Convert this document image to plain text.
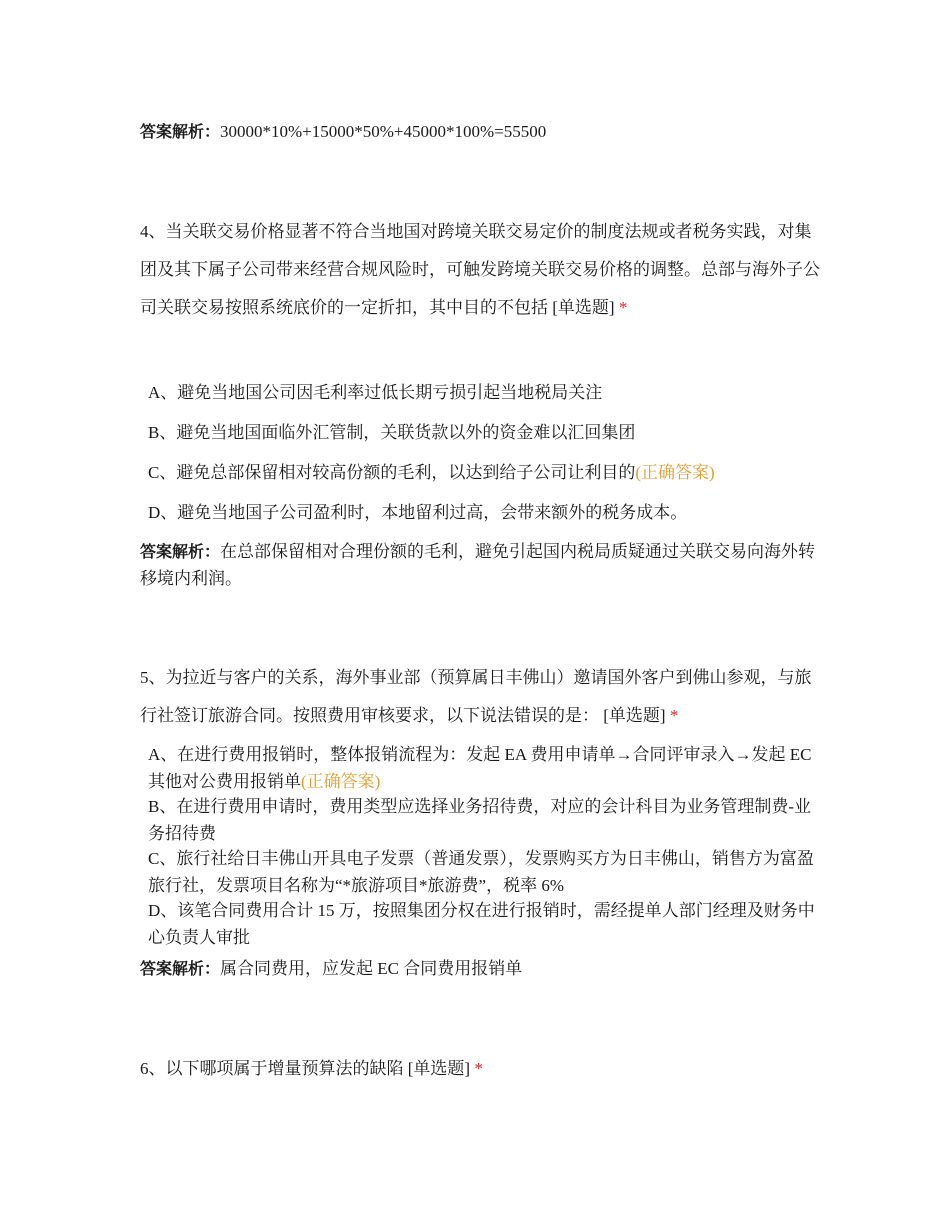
答案解析：30000*10%+15000*50%+45000*100%=55500
4、当关联交易价格显著不符合当地国对跨境关联交易定价的制度法规或者税务实践，对集团及其下属子公司带来经营合规风险时，可触发跨境关联交易价格的调整。总部与海外子公司关联交易按照系统底价的一定折扣，其中目的不包括 [单选题] *
A、避免当地国公司因毛利率过低长期亏损引起当地税局关注
B、避免当地国面临外汇管制，关联货款以外的资金难以汇回集团
C、避免总部保留相对较高份额的毛利，以达到给子公司让利目的(正确答案)
D、避免当地国子公司盈利时，本地留利过高，会带来额外的税务成本。
答案解析：在总部保留相对合理份额的毛利，避免引起国内税局质疑通过关联交易向海外转移境内利润。
5、为拉近与客户的关系，海外事业部（预算属日丰佛山）邀请国外客户到佛山参观，与旅行社签订旅游合同。按照费用审核要求，以下说法错误的是： [单选题] *
A、在进行费用报销时，整体报销流程为：发起 EA 费用申请单→合同评审录入→发起 EC 其他对公费用报销单(正确答案)
B、在进行费用申请时，费用类型应选择业务招待费，对应的会计科目为业务管理制费-业务招待费
C、旅行社给日丰佛山开具电子发票（普通发票），发票购买方为日丰佛山，销售方为富盈旅行社，发票项目名称为“*旅游项目*旅游费”，税率 6%
D、该笔合同费用合计 15 万，按照集团分权在进行报销时，需经提单人部门经理及财务中心负责人审批
答案解析：属合同费用，应发起 EC 合同费用报销单
6、以下哪项属于增量预算法的缺陷 [单选题] *
